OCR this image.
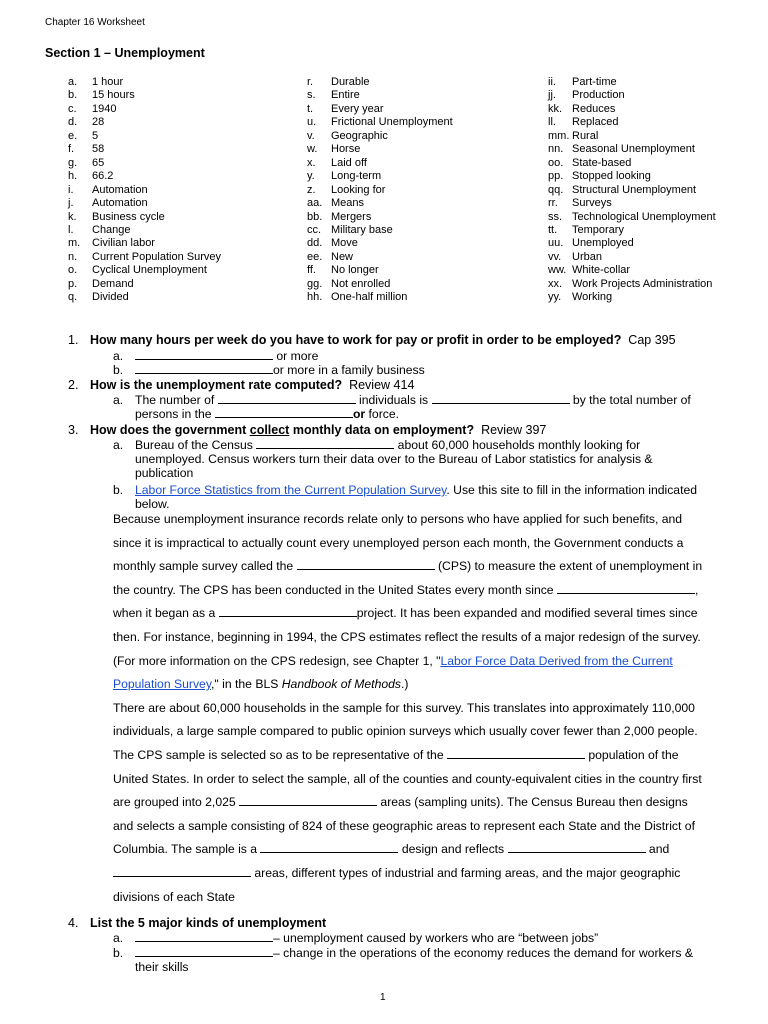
Chapter 16 Worksheet
Section 1 – Unemployment
a. 1 hour
b. 15 hours
c. 1940
d. 28
e. 5
f. 58
g. 65
h. 66.2
i. Automation
j. Automation
k. Business cycle
l. Change
m. Civilian labor
n. Current Population Survey
o. Cyclical Unemployment
p. Demand
q. Divided
r. Durable
s. Entire
t. Every year
u. Frictional Unemployment
v. Geographic
w. Horse
x. Laid off
y. Long-term
z. Looking for
aa. Means
bb. Mergers
cc. Military base
dd. Move
ee. New
ff. No longer
gg. Not enrolled
hh. One-half million
ii. Part-time
jj. Production
kk. Reduces
ll. Replaced
mm. Rural
nn. Seasonal Unemployment
oo. State-based
pp. Stopped looking
qq. Structural Unemployment
rr. Surveys
ss. Technological Unemployment
tt. Temporary
uu. Unemployed
vv. Urban
ww. White-collar
xx. Work Projects Administration
yy. Working
1. How many hours per week do you have to work for pay or profit in order to be employed? Cap 395
a.	or more
b.	or more in a family business
2. How is the unemployment rate computed? Review 414
a. The number of	individuals is	by the total number of
persons in the	or force.
3. How does the government collect monthly data on employment? Review 397
a. Bureau of the Census	about 60,000 households monthly looking for
unemployed. Census workers turn their data over to the Bureau of Labor statistics for analysis &
publication
b. Labor Force Statistics from the Current Population Survey. Use this site to fill in the information indicated
below.
Because unemployment insurance records relate only to persons who have applied for such benefits, and
since it is impractical to actually count every unemployed person each month, the Government conducts a
monthly sample survey called the	(CPS) to measure the extent of unemployment in
the country. The CPS has been conducted in the United States every month since	,
when it began as a	project. It has been expanded and modified several times since
then. For instance, beginning in 1994, the CPS estimates reflect the results of a major redesign of the survey.
(For more information on the CPS redesign, see Chapter 1, "Labor Force Data Derived from the Current
Population Survey," in the BLS Handbook of Methods.)
There are about 60,000 households in the sample for this survey. This translates into approximately 110,000
individuals, a large sample compared to public opinion surveys which usually cover fewer than 2,000 people.
The CPS sample is selected so as to be representative of the	population of the
United States. In order to select the sample, all of the counties and county-equivalent cities in the country first
are grouped into 2,025	areas (sampling units). The Census Bureau then designs
and selects a sample consisting of 824 of these geographic areas to represent each State and the District of
Columbia. The sample is a	design and reflects	and
areas, different types of industrial and farming areas, and the major geographic
divisions of each State
4. List the 5 major kinds of unemployment
a.	– unemployment caused by workers who are “between jobs”
b.	– change in the operations of the economy reduces the demand for workers &
their skills
1
